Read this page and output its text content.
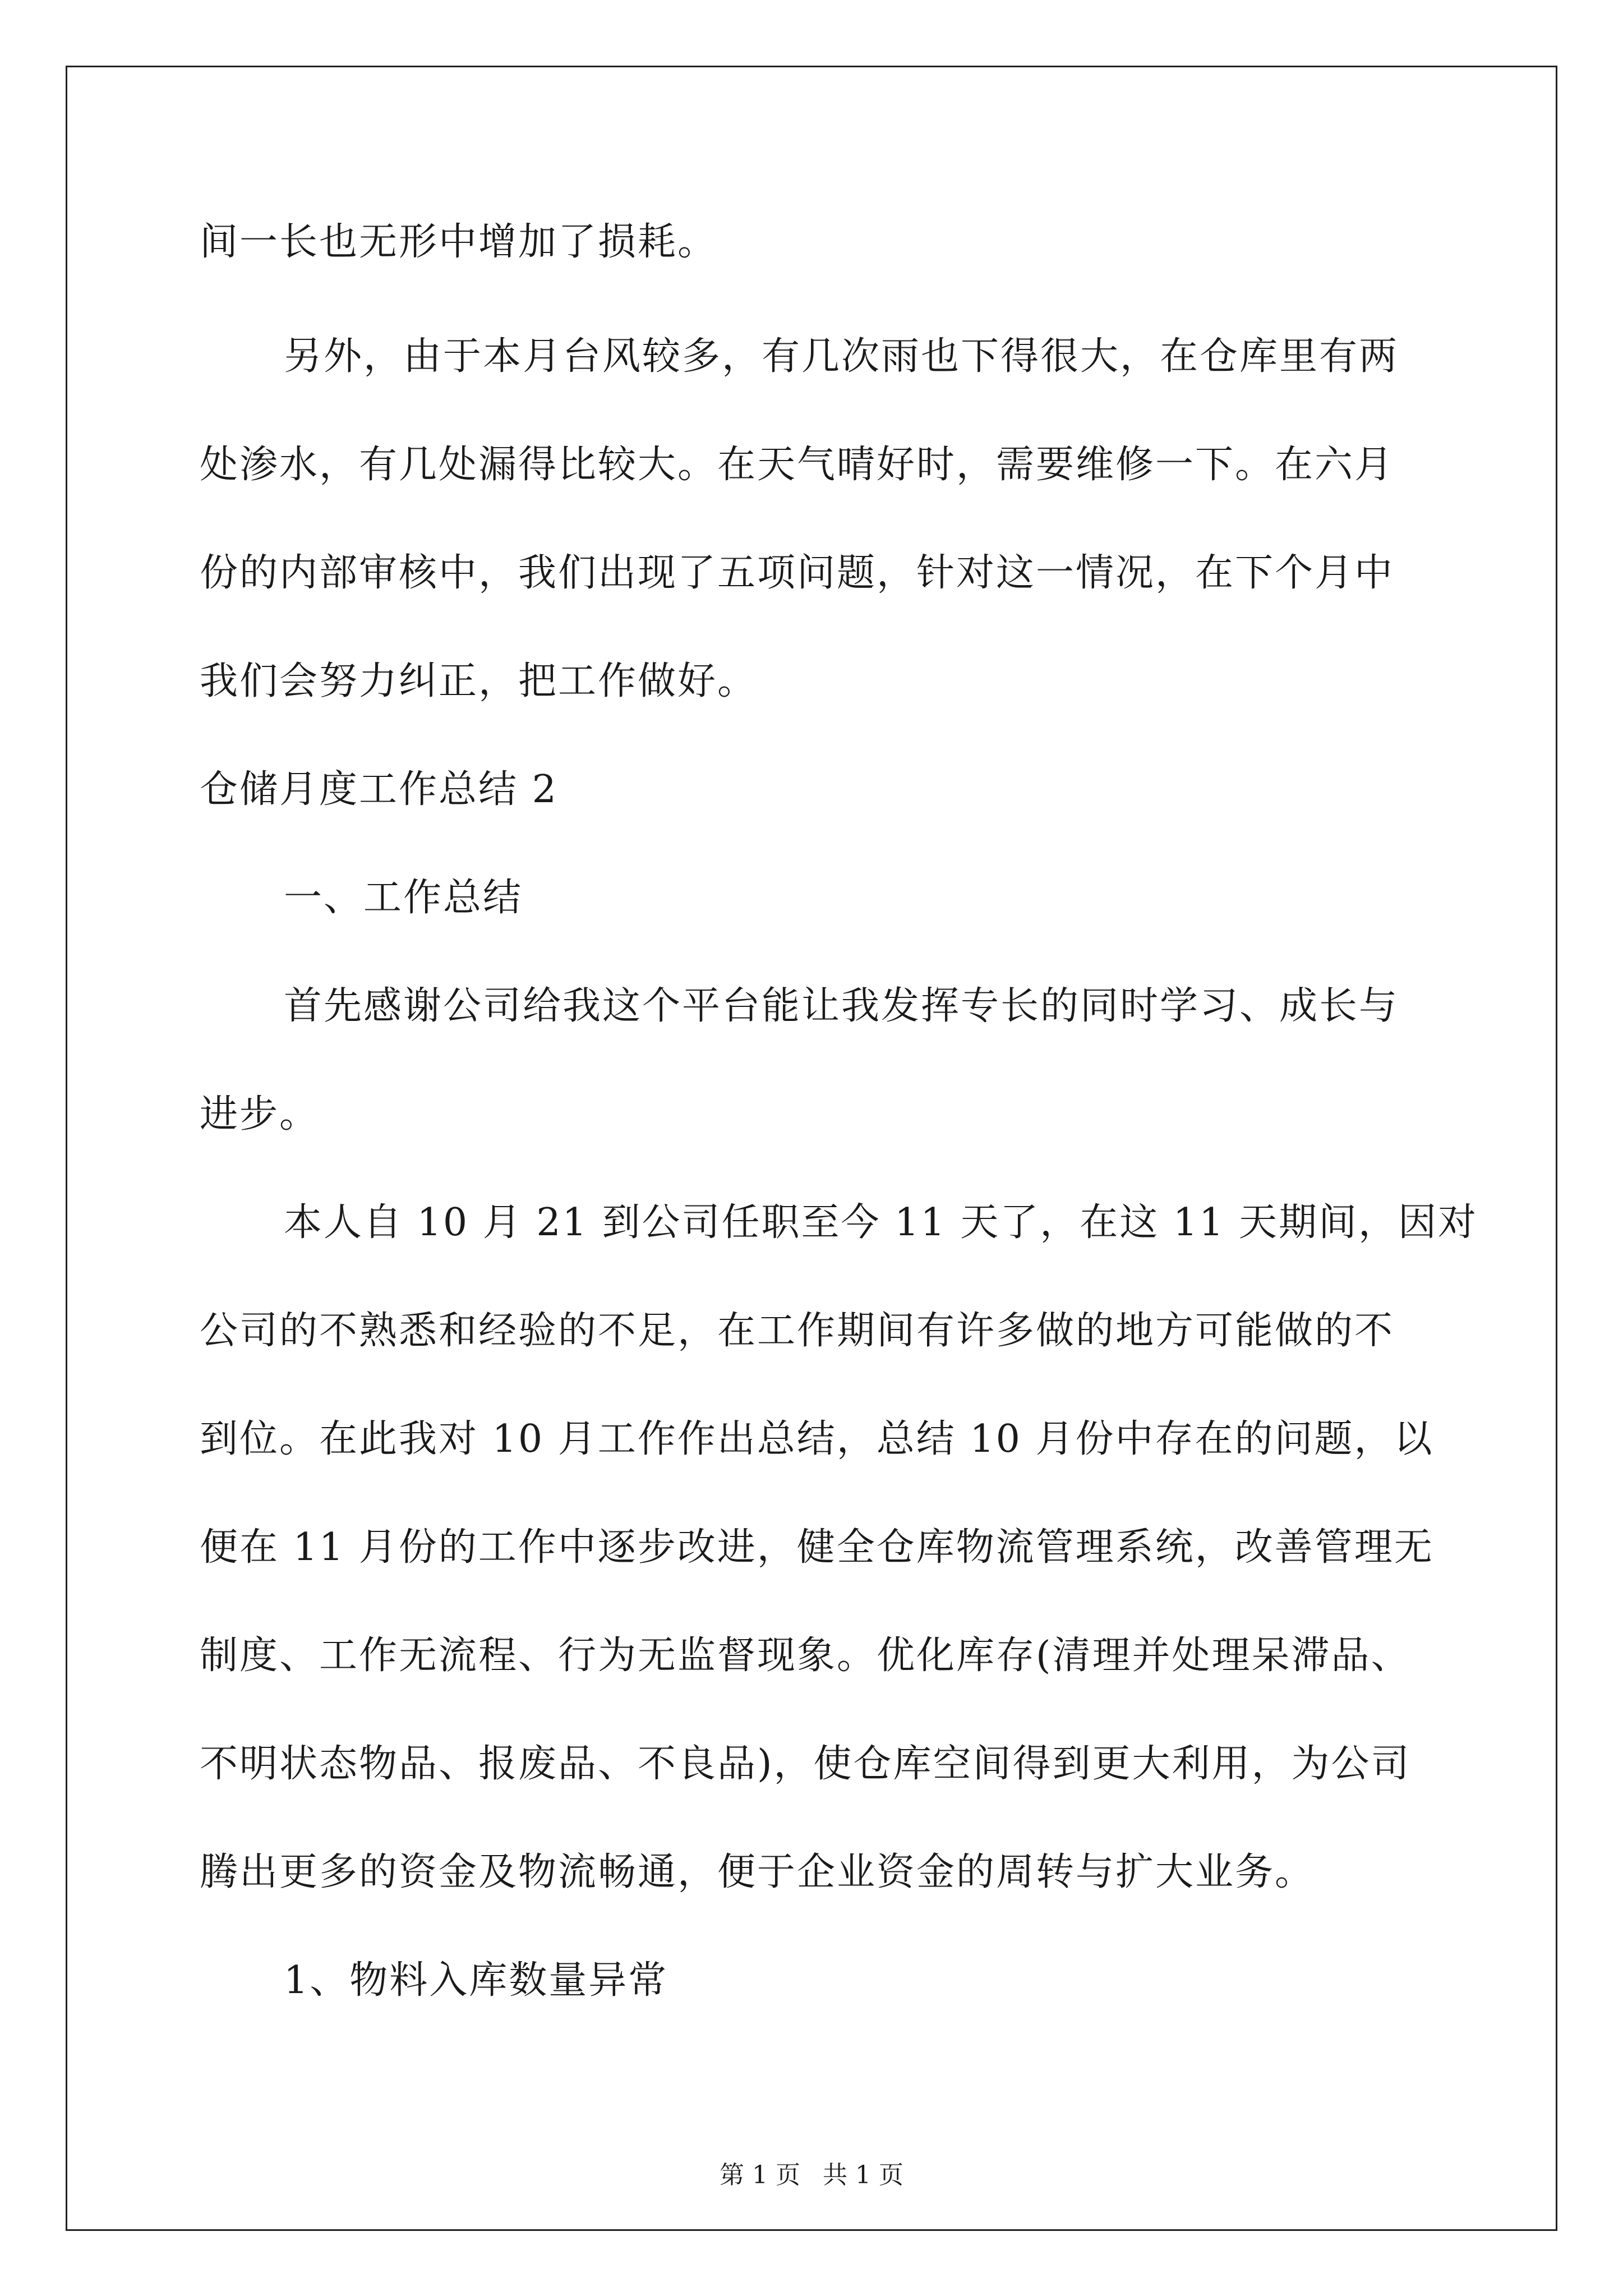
间一长也无形中增加了损耗。
另外，由于本月台风较多，有几次雨也下得很大，在仓库里有两
处渗水，有几处漏得比较大。在天气晴好时，需要维修一下。在六月
份的内部审核中，我们出现了五项问题，针对这一情况，在下个月中
我们会努力纠正，把工作做好。
仓储月度工作总结 2
一、工作总结
首先感谢公司给我这个平台能让我发挥专长的同时学习、成长与
进步。
本人自 10 月 21 到公司任职至今 11 天了，在这 11 天期间，因对
公司的不熟悉和经验的不足，在工作期间有许多做的地方可能做的不
到位。在此我对 10 月工作作出总结，总结 10 月份中存在的问题，以
便在 11 月份的工作中逐步改进，健全仓库物流管理系统，改善管理无
制度、工作无流程、行为无监督现象。优化库存(清理并处理呆滞品、
不明状态物品、报废品、不良品)，使仓库空间得到更大利用，为公司
腾出更多的资金及物流畅通，便于企业资金的周转与扩大业务。
1、物料入库数量异常
第 1 页 共 1 页
